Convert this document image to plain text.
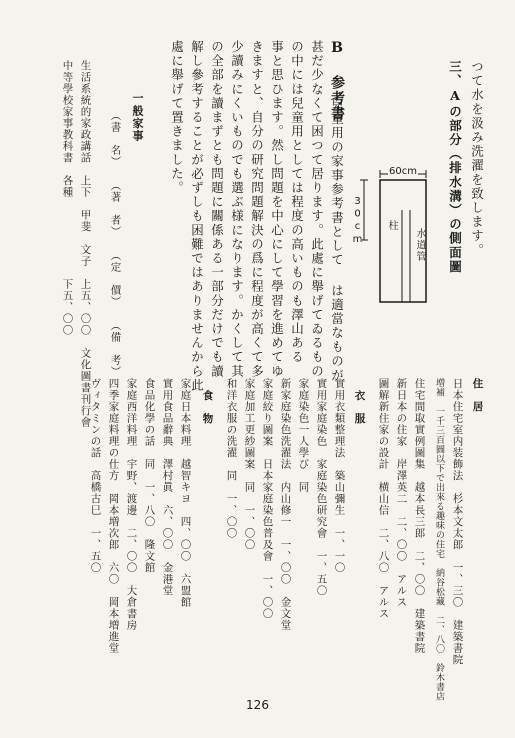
つて水を汲み洗濯を致します。
三、Aの部分（排水溝）の側面圖
60cm
柱
水道管
30cm
B 参考書
兒童用の家事参考書として は適當なものが
甚だ少なくて困つて居ります。此處に舉げてゐるもの
の中には兒童用としては程度の高いものも澤山ある
事と思ひます。然し問題を中心にして學習を進めてゆ
きますと、自分の研究問題解決の爲に程度が高くて多
少讀みにくいものでも選ぶ様になります。かくして其
の全部を讀まずとも問題に關係ある一部分だけでも讀
解し參考することが必ずしも困難ではありませんから此
處に舉げて置きました。
一般家事
（書　名）　　（著　者）　　（定　價）　　（備　考）
生活系統的家政講話　上下　甲斐　文子　上五、〇〇　文化圖書刊行會
中等學校家事教科書　各種　　　　　　　下五、〇〇
住　居
日本住宅室内装飾法　杉本文太郎　一、三〇　建築書院
増補　一千三百圓以下で出來る趣味の住宅　納谷松藏　二、八〇　鈴木書店
住宅間取實例圖集　越本長三郎　二、〇〇　建築書院
新日本の住家　岸澤英二　二、〇〇　アルス
圖解新住家の設計　横山信　二、八〇　アルス
衣　服
實用衣類整理法　築山彌生　一、一〇
實用家庭染色　家庭染色研究會　一、五〇
家庭染色一人學び　同
新家庭染色洗濯法　内山修一　一、〇〇　金文堂
家庭絞り圖案　日本家庭染色普及會　一、〇〇
家庭加工更紗圖案　同　一、〇〇
和洋衣服の洗濯　同　一、〇〇
食　物
家庭日本料理　越智キヨ　四、〇〇　六盟館
實用食品辭典　澤村眞　六、〇〇　金港堂
食品化學の話　同　一、八〇　隆文館
家庭西洋料理　宇野、渡邊　二、〇〇　大倉書房
四季家庭料理の仕方　岡本増次郎　六〇　岡本増進堂
ヴィタミンの話　高橋古巳　一、五〇
126
